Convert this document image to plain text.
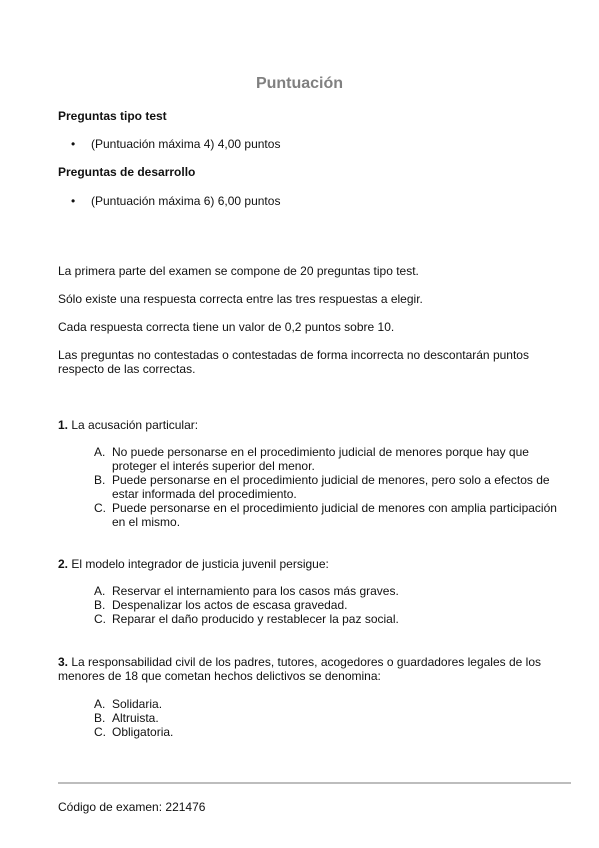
Puntuación

Preguntas tipo test

• (Puntuación máxima 4) 4,00 puntos

Preguntas de desarrollo

• (Puntuación máxima 6) 6,00 puntos

La primera parte del examen se compone de 20 preguntas tipo test.

Sólo existe una respuesta correcta entre las tres respuestas a elegir.

Cada respuesta correcta tiene un valor de 0,2 puntos sobre 10.

Las preguntas no contestadas o contestadas de forma incorrecta no descontarán puntos respecto de las correctas.

1. La acusación particular:
A. No puede personarse en el procedimiento judicial de menores porque hay que proteger el interés superior del menor.
B. Puede personarse en el procedimiento judicial de menores, pero solo a efectos de estar informada del procedimiento.
C. Puede personarse en el procedimiento judicial de menores con amplia participación en el mismo.
2. El modelo integrador de justicia juvenil persigue:
A. Reservar el internamiento para los casos más graves.
B. Despenalizar los actos de escasa gravedad.
C. Reparar el daño producido y restablecer la paz social.
3. La responsabilidad civil de los padres, tutores, acogedores o guardadores legales de los menores de 18 que cometan hechos delictivos se denomina:
A. Solidaria.
B. Altruista.
C. Obligatoria.
Código de examen: 221476
